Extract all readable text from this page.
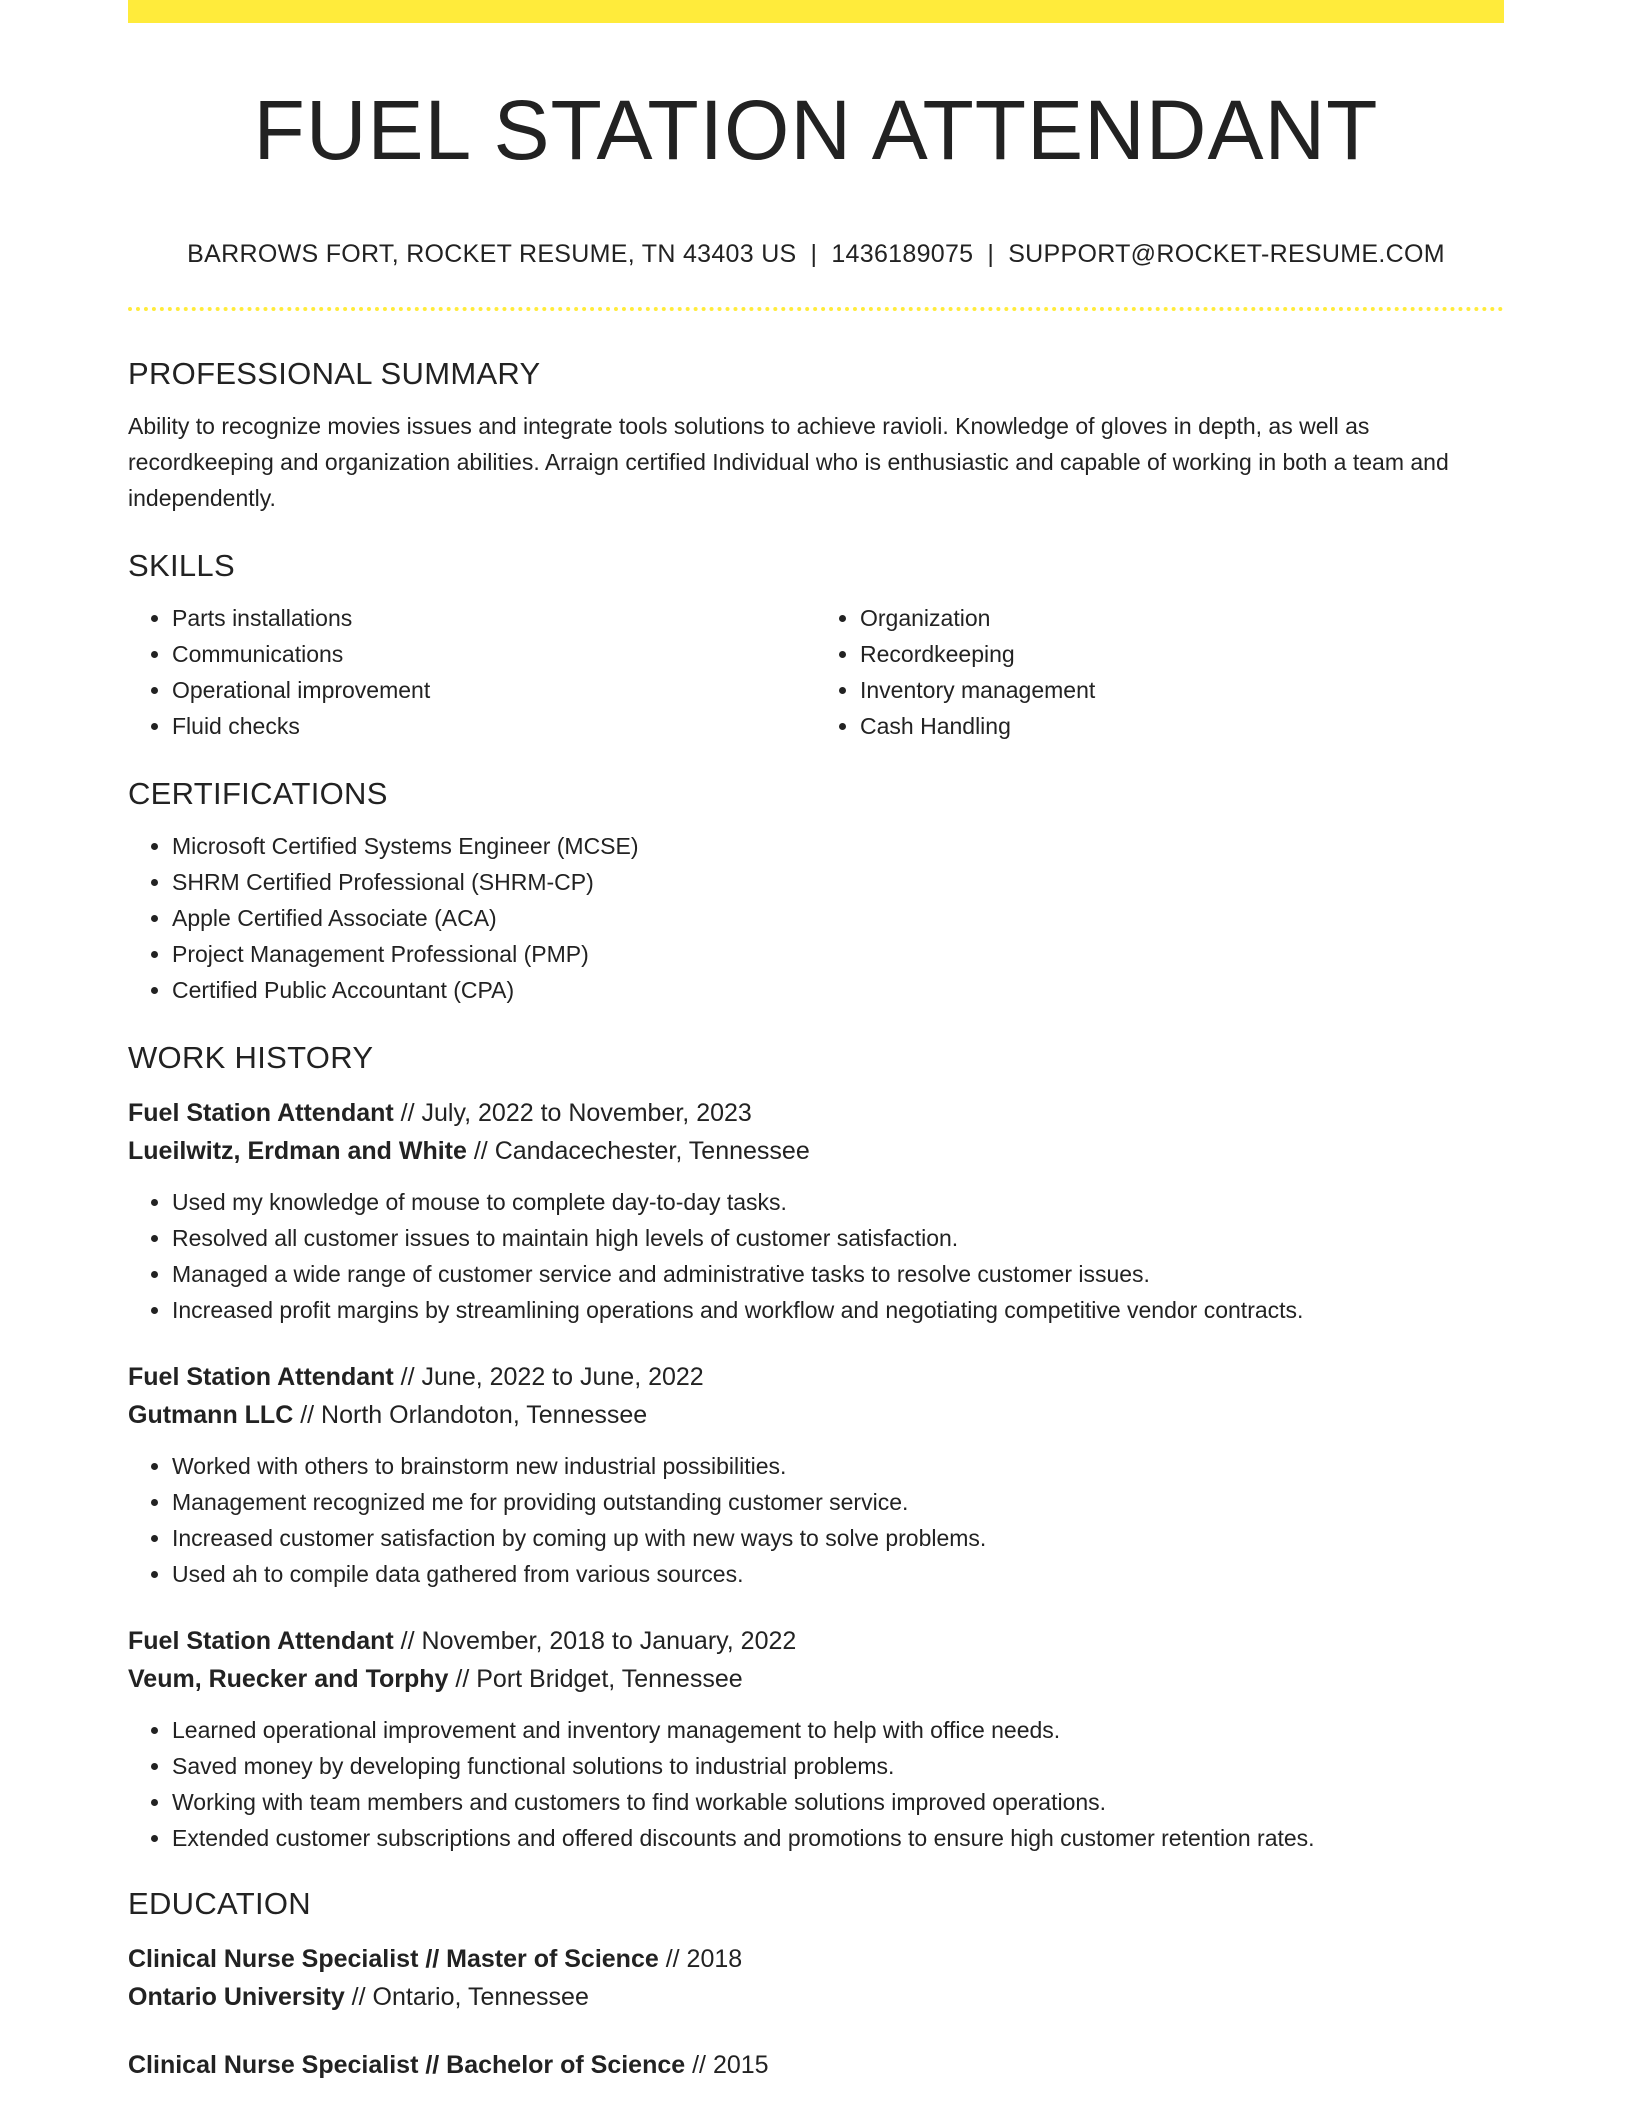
FUEL STATION ATTENDANT
BARROWS FORT, ROCKET RESUME, TN 43403 US | 1436189075 | SUPPORT@ROCKET-RESUME.COM
PROFESSIONAL SUMMARY

Ability to recognize movies issues and integrate tools solutions to achieve ravioli. Knowledge of gloves in depth, as well as recordkeeping and organization abilities. Arraign certified Individual who is enthusiastic and capable of working in both a team and independently.

SKILLS
• Parts installations
• Communications
• Operational improvement
• Fluid checks
• Organization
• Recordkeeping
• Inventory management
• Cash Handling
CERTIFICATIONS
• Microsoft Certified Systems Engineer (MCSE)
• SHRM Certified Professional (SHRM-CP)
• Apple Certified Associate (ACA)
• Project Management Professional (PMP)
• Certified Public Accountant (CPA)
WORK HISTORY
Fuel Station Attendant // July, 2022 to November, 2023
Lueilwitz, Erdman and White // Candacechester, Tennessee
• Used my knowledge of mouse to complete day-to-day tasks.
• Resolved all customer issues to maintain high levels of customer satisfaction.
• Managed a wide range of customer service and administrative tasks to resolve customer issues.
• Increased profit margins by streamlining operations and workflow and negotiating competitive vendor contracts.
Fuel Station Attendant // June, 2022 to June, 2022
Gutmann LLC // North Orlandoton, Tennessee
• Worked with others to brainstorm new industrial possibilities.
• Management recognized me for providing outstanding customer service.
• Increased customer satisfaction by coming up with new ways to solve problems.
• Used ah to compile data gathered from various sources.
Fuel Station Attendant // November, 2018 to January, 2022
Veum, Ruecker and Torphy // Port Bridget, Tennessee
• Learned operational improvement and inventory management to help with office needs.
• Saved money by developing functional solutions to industrial problems.
• Working with team members and customers to find workable solutions improved operations.
• Extended customer subscriptions and offered discounts and promotions to ensure high customer retention rates.
EDUCATION
Clinical Nurse Specialist // Master of Science // 2018
Ontario University // Ontario, Tennessee
Clinical Nurse Specialist // Bachelor of Science // 2015
